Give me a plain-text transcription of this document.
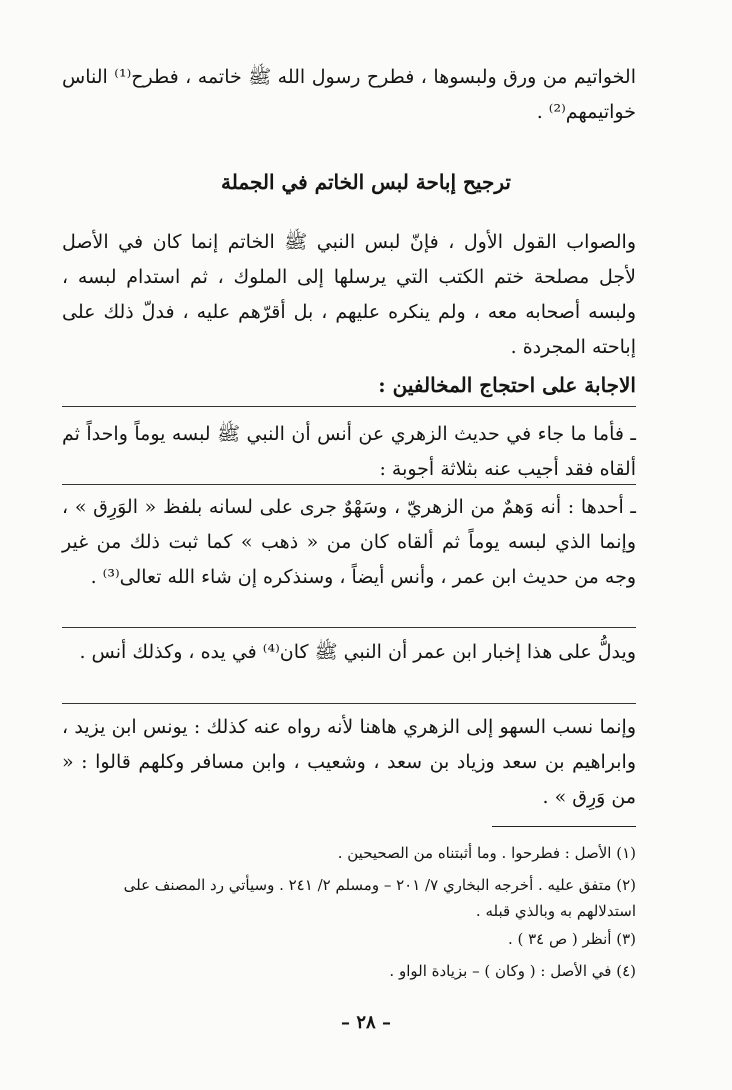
الخواتيم من ورق ولبسوها ، فطرح رسول الله ﷺ خاتمه ، فطرح⁽¹⁾ الناس خواتيمهم⁽²⁾ .

ترجيح إباحة لبس الخاتم في الجملة

والصواب القول الأول ، فإنّ لبس النبي ﷺ الخاتم إنما كان في الأصل لأجل مصلحة ختم الكتب التي يرسلها إلى الملوك ، ثم استدام لبسه ، ولبسه أصحابه معه ، ولم ينكره عليهم ، بل أقرّهم عليه ، فدلّ ذلك على إباحته المجردة .

الاجابة على احتجاج المخالفين :

ـ فأما ما جاء في حديث الزهري عن أنس أن النبي ﷺ لبسه يوماً واحداً ثم ألقاه فقد أجيب عنه بثلاثة أجوبة :

ـ أحدها : أنه وَهمٌ من الزهريّ ، وسَهْوٌ جرى على لسانه بلفظ « الوَرِق » ، وإنما الذي لبسه يوماً ثم ألقاه كان من « ذهب » كما ثبت ذلك من غير وجه من حديث ابن عمر ، وأنس أيضاً ، وسنذكره إن شاء الله تعالى⁽³⁾ .

ويدلُّ على هذا إخبار ابن عمر أن النبي ﷺ كان⁽⁴⁾ في يده ، وكذلك أنس .

وإنما نسب السهو إلى الزهري هاهنا لأنه رواه عنه كذلك : يونس ابن يزيد ، وابراهيم بن سعد وزياد بن سعد ، وشعيب ، وابن مسافر وكلهم قالوا : « من وَرِق » .

(١) الأصل : فطرحوا . وما أثبتناه من الصحيحين .

(٢) متفق عليه . أخرجه البخاري ٧/ ٢٠١ – ومسلم ٢/ ٢٤١ . وسيأتي رد المصنف على استدلالهم به وبالذي قبله .

(٣) أنظر ( ص ٣٤ ) .

(٤) في الأصل : ( وكان ) – بزيادة الواو .

– ٢٨ –
